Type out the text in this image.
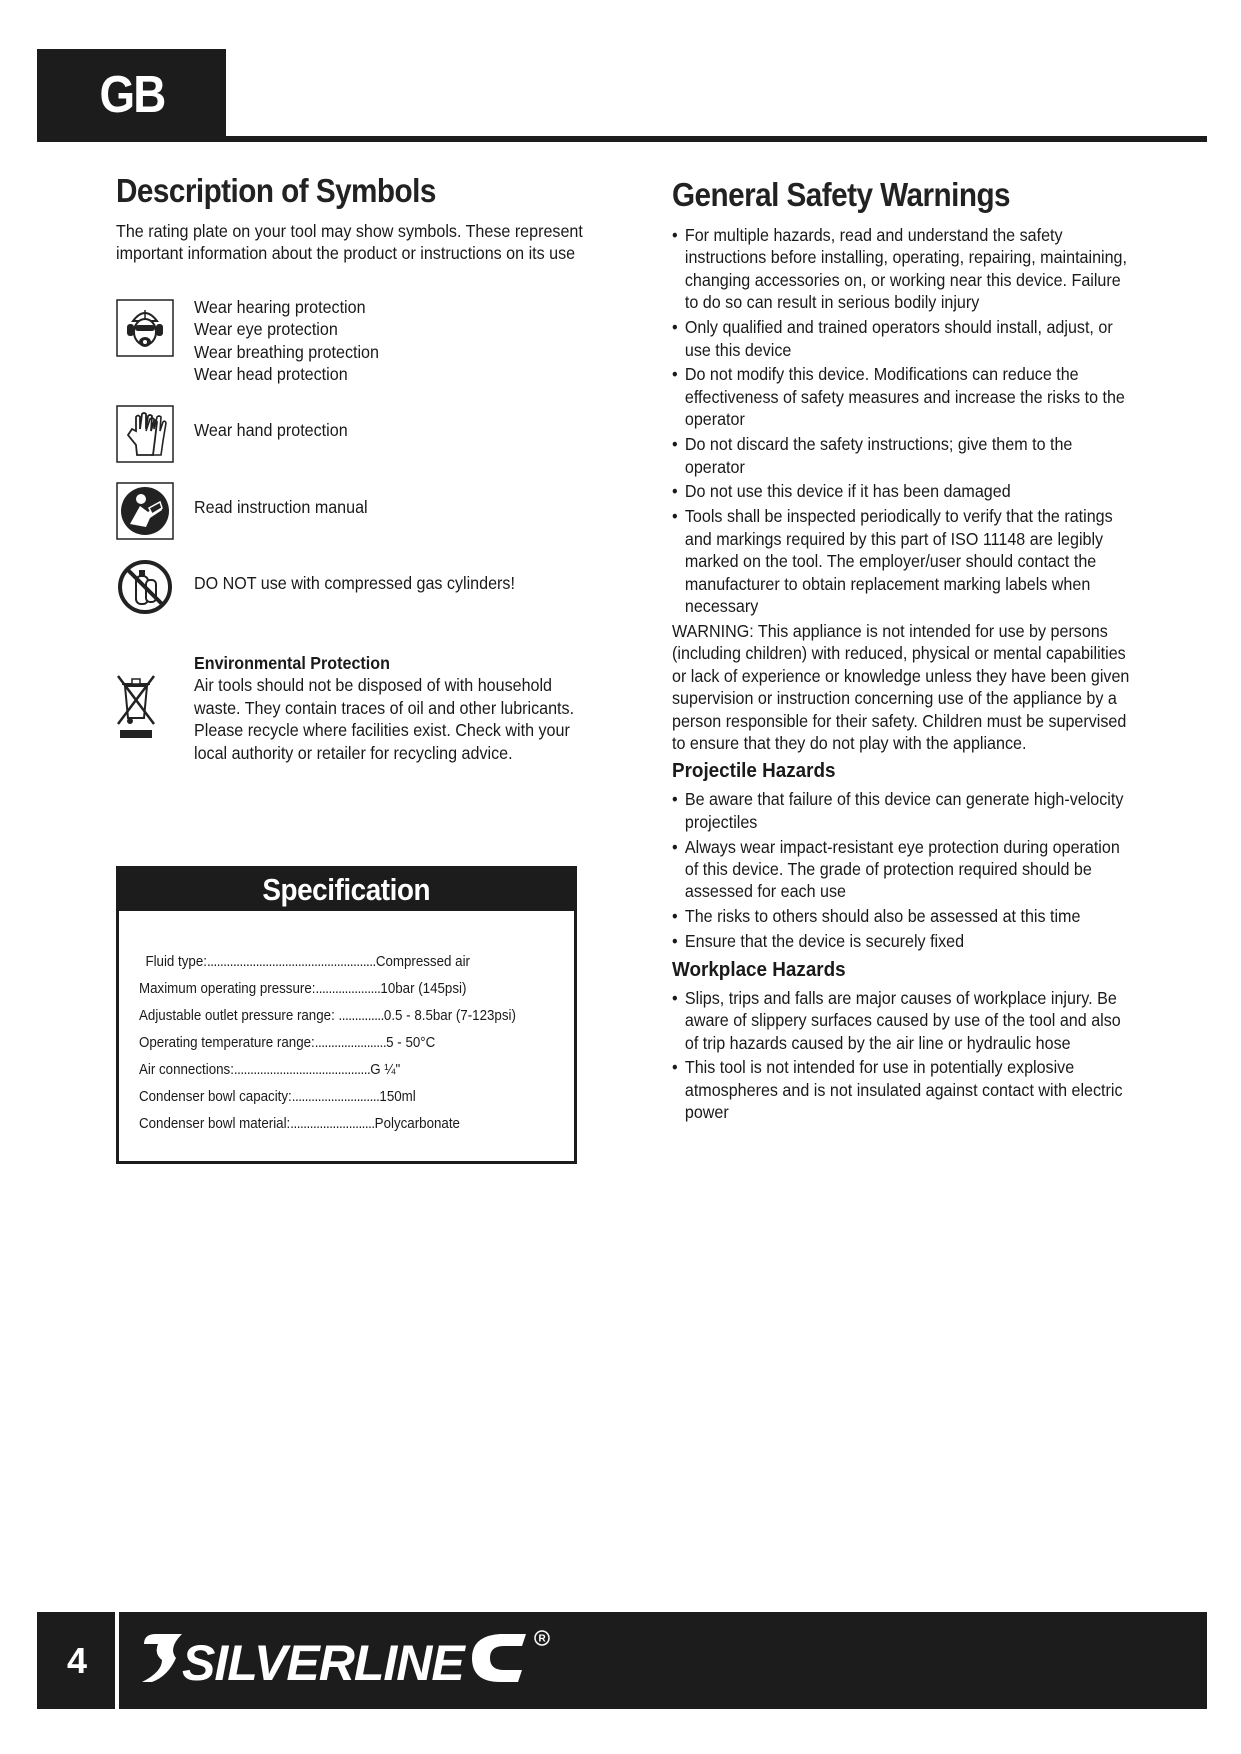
GB
Description of Symbols

The rating plate on your tool may show symbols. These represent important information about the product or instructions on its use

Wear hearing protection
Wear eye protection
Wear breathing protection
Wear head protection
Wear hand protection
Read instruction manual
DO NOT use with compressed gas cylinders!
Environmental Protection
Air tools should not be disposed of with household
waste. They contain traces of oil and other lubricants.
Please recycle where facilities exist. Check with your
local authority or retailer for recycling advice.
Specification
Fluid type:....................................................Compressed air
Maximum operating pressure:....................10bar (145psi)
Adjustable outlet pressure range: ..............0.5 - 8.5bar (7-123psi)
Operating temperature range:......................5 - 50°C
Air connections:..........................................G ¼"
Condenser bowl capacity:...........................150ml
Condenser bowl material:..........................Polycarbonate
General Safety Warnings
• For multiple hazards, read and understand the safety instructions before installing, operating, repairing, maintaining, changing accessories on, or working near this device. Failure to do so can result in serious bodily injury
• Only qualified and trained operators should install, adjust, or use this device
• Do not modify this device. Modifications can reduce the effectiveness of safety measures and increase the risks to the operator
• Do not discard the safety instructions; give them to the operator
• Do not use this device if it has been damaged
• Tools shall be inspected periodically to verify that the ratings and markings required by this part of ISO 11148 are legibly marked on the tool. The employer/user should contact the manufacturer to obtain replacement marking labels when necessary

WARNING: This appliance is not intended for use by persons (including children) with reduced, physical or mental capabilities or lack of experience or knowledge unless they have been given supervision or instruction concerning use of the appliance by a person responsible for their safety. Children must be supervised to ensure that they do not play with the appliance.

Projectile Hazards
• Be aware that failure of this device can generate high-velocity projectiles
• Always wear impact-resistant eye protection during operation of this device. The grade of protection required should be assessed for each use
• The risks to others should also be assessed at this time
• Ensure that the device is securely fixed
Workplace Hazards
• Slips, trips and falls are major causes of workplace injury. Be aware of slippery surfaces caused by use of the tool and also of trip hazards caused by the air line or hydraulic hose
• This tool is not intended for use in potentially explosive atmospheres and is not insulated against contact with electric power
4	SILVERLINE	R
